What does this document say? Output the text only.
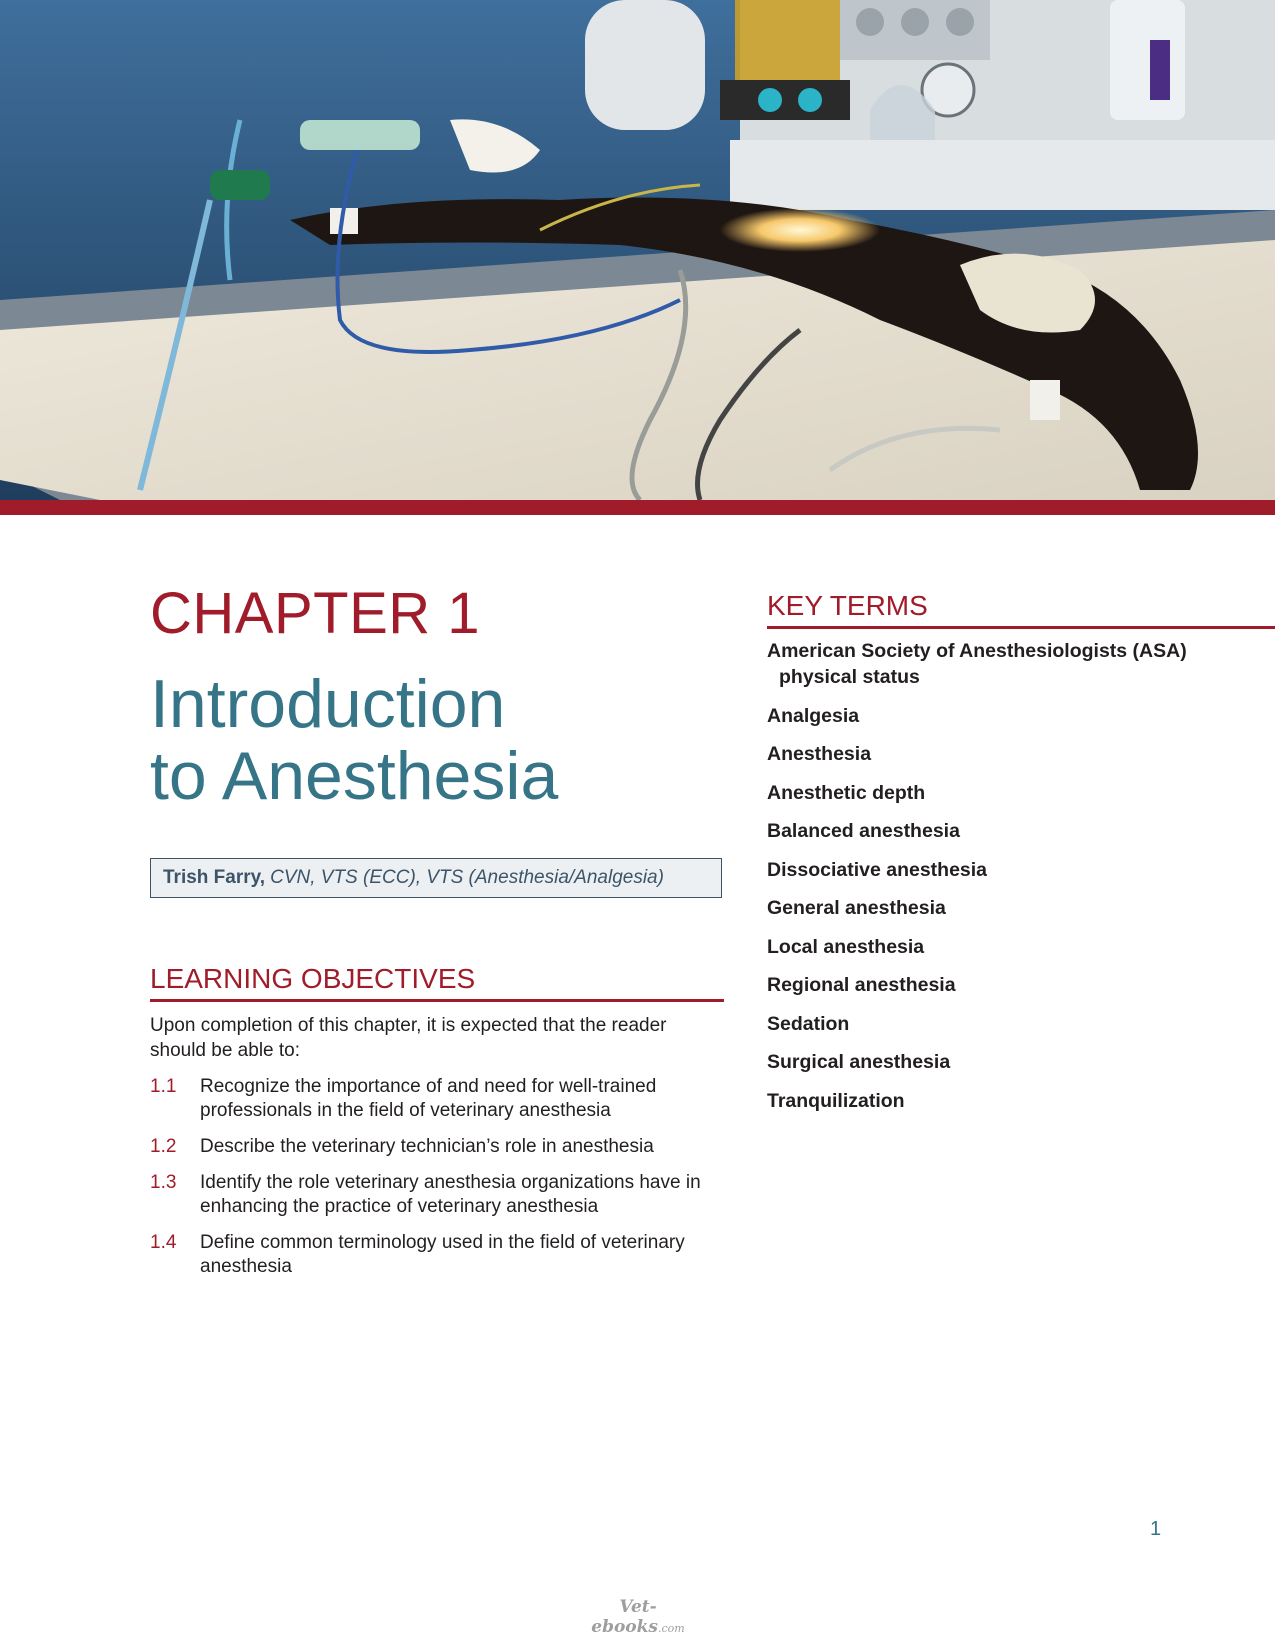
CHAPTER 1
Introduction
to Anesthesia
Trish Farry, CVN, VTS (ECC), VTS (Anesthesia/Analgesia)
LEARNING OBJECTIVES

Upon completion of this chapter, it is expected that the reader should be able to:

1.1	Recognize the importance of and need for well-trained professionals in the field of veterinary anesthesia
1.2	Describe the veterinary technician’s role in anesthesia
1.3	Identify the role veterinary anesthesia organizations have in enhancing the practice of veterinary anesthesia
1.4	Define common terminology used in the field of veterinary anesthesia
KEY TERMS
American Society of Anesthesiologists (ASA) physical status
Analgesia
Anesthesia
Anesthetic depth
Balanced anesthesia
Dissociative anesthesia
General anesthesia
Local anesthesia
Regional anesthesia
Sedation
Surgical anesthesia
Tranquilization
1
Vet-ebooks.com
